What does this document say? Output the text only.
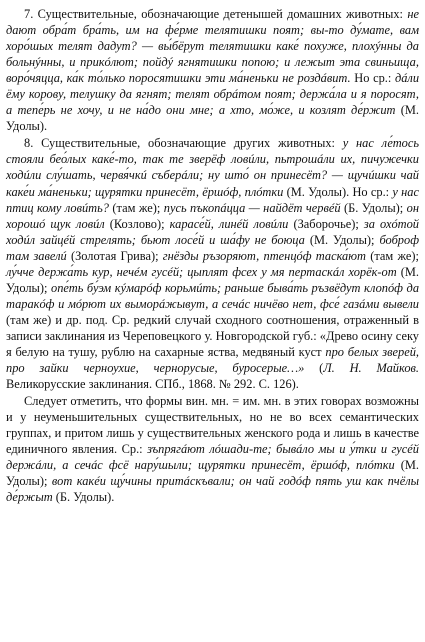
7. Существительные, обозначающие детенышей домашних животных: не дают обра́т бра́ть, им на фе́рме телятишки поят; вы-то ду́мате, вам хоро́шых телят дадут? — вы́бёрут телятишки каке́ похуже, плохýнны да больнýнны, и прикóлют; пойдý ягнятишки попою; и лежыт эта свиньища, воро́чяцца, ка́к то́лько поросятишки эти ма́неньки не роздáвит. Но ср.: дáли ёму корову, телушку да ягнят; телят обрáтом поят; держа́ла и я поросят, а тепе́рь не хочу, и не на́до они мне; а хто, мо́же, и козлят де́ржит (М. Удолы).

8. Существительные, обозначающие других животных: у нас ле́тось стояли бео́лых каке́-то, так те зверёф ловúли, пьтрошáли их, пичужечки ходúли слу́шать, червя́чкú съберáли; ну што́ он принесёт? — щучúшки чай каке́и ма́неньки; щурятки принесёт, ёршóф, плóтки (М. Удолы). Но ср.: у нас птиц кому ловúть? (там же); пусь пъкопáцца — найдёт червéй (Б. Удолы); он хорошó щук ловúл (Козлово); карасе́й, линéй ловúли (Заборочье); за охóтой ходúл зайцéй стрелять; бьют лосе́й и ша́фу не боюца (М. Удолы); боброф там завелú (Золотая Грива); гнёзды ръзоряют, птенцóф таска́ют (там же); лу́чче держа́ть кур, нечéм гусéй; цыплят фсех у мя пертаскáл хорёк-от (М. Удолы); опе́ть бу́эм кýмарóф корьмúть; раньше быва́ть ръзвёдут клопóф да таракóф и мóрют их выморáжывут, а сечáс ничёво нет, фсе́ газáми вывели (там же) и др. под. Ср. редкий случай сходного соотношения, отраженный в записи заклинания из Череповецкого у. Новгородской губ.: «Древо осину секу я белую на тушу, рублю на сахарные яства, медвяный куст про белых зверей, про зайки черноухие, чернорусые, буросерые…» (Л. Н. Майков. Великорусские заклинания. СПб., 1868. № 292. С. 126).

Следует отметить, что формы вин. мн. = им. мн. в этих говорах возможны и у неуменьшительных существительных, но не во всех семантических группах, и притом лишь у существительных женского рода и лишь в качестве единичного явления. Ср.: зъпрягáют лóшади-те; бывáло мы и у́тки и гусéй держáли, а сечáс фсё нару́шыли; щурятки принесёт, ёршóф, плóтки (М. Удолы); вот какéи щу́чины притáскъвали; он чай годóф пять уш как пчёлы де́ржыт (Б. Удолы).
